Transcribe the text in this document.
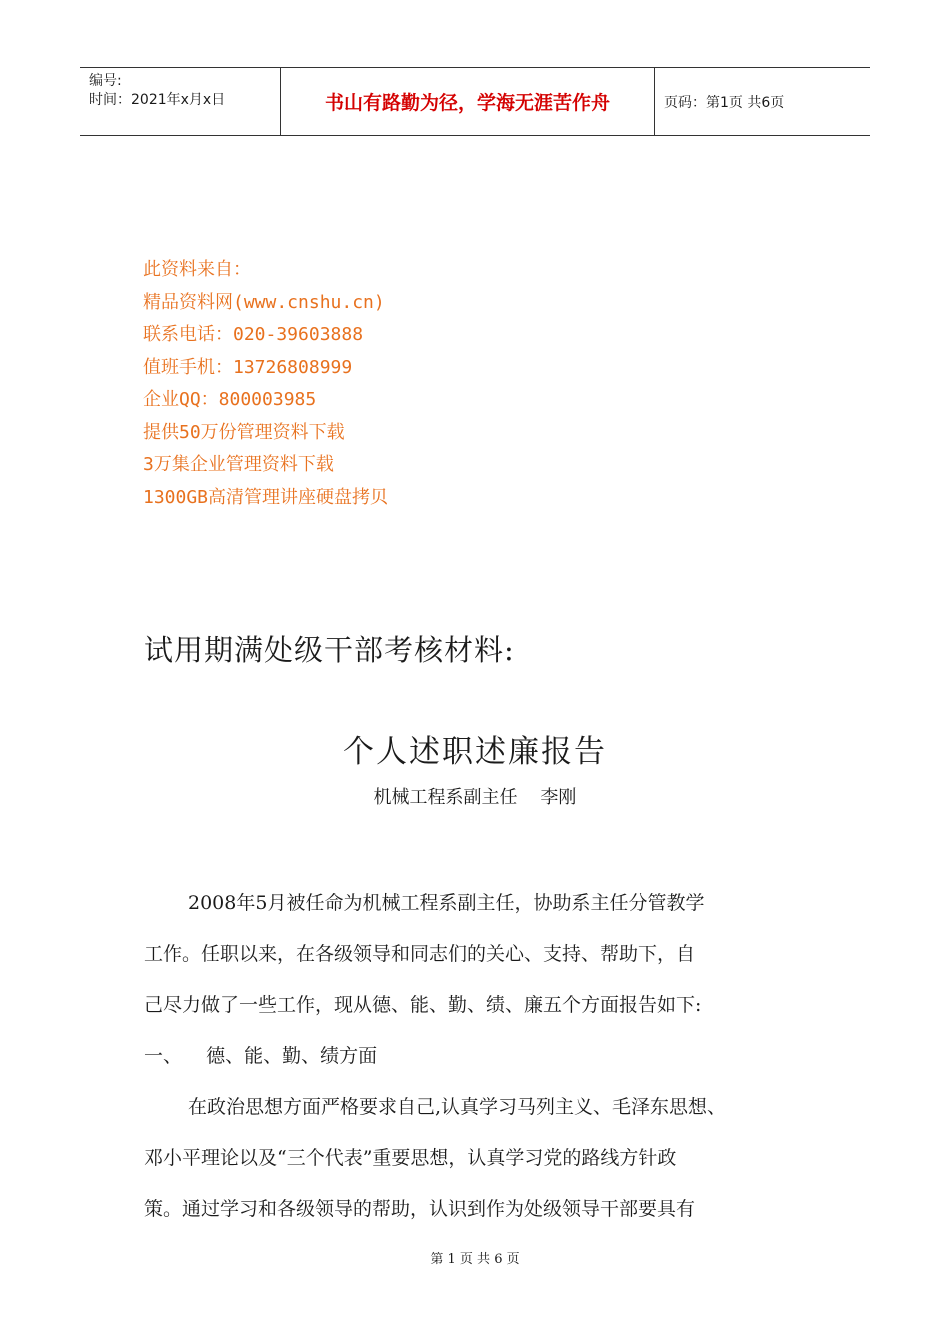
编号:
时间：2021年x月x日	书山有路勤为径，学海无涯苦作舟	页码：第1页 共6页
此资料来自：
精品资料网(www.cnshu.cn)
联系电话：020-39603888
值班手机：13726808999
企业QQ：800003985
提供50万份管理资料下载
3万集企业管理资料下载
1300GB高清管理讲座硬盘拷贝
试用期满处级干部考核材料:
个人述职述廉报告
机械工程系副主任    李刚
2008年5月被任命为机械工程系副主任，协助系主任分管教学
工作。任职以来，在各级领导和同志们的关心、支持、帮助下，自
己尽力做了一些工作，现从德、能、勤、绩、廉五个方面报告如下:
一、    德、能、勤、绩方面
在政治思想方面严格要求自己,认真学习马列主义、毛泽东思想、
邓小平理论以及“三个代表”重要思想，认真学习党的路线方针政
策。通过学习和各级领导的帮助，认识到作为处级领导干部要具有
第 1 页 共 6 页
